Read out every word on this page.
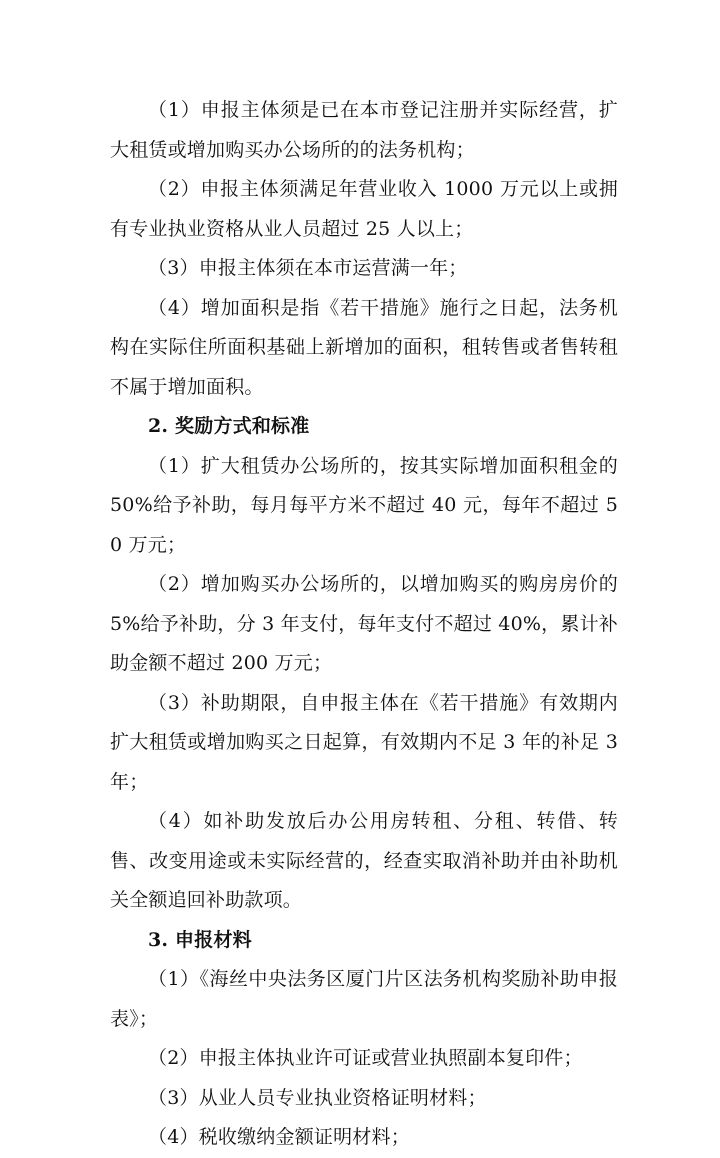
（1）申报主体须是已在本市登记注册并实际经营，扩大租赁或增加购买办公场所的的法务机构；

（2）申报主体须满足年营业收入 1000 万元以上或拥有专业执业资格从业人员超过 25 人以上；

（3）申报主体须在本市运营满一年；

（4）增加面积是指《若干措施》施行之日起，法务机构在实际住所面积基础上新增加的面积，租转售或者售转租不属于增加面积。

2. 奖励方式和标准

（1）扩大租赁办公场所的，按其实际增加面积租金的 50%给予补助，每月每平方米不超过 40 元，每年不超过 50 万元；

（2）增加购买办公场所的，以增加购买的购房房价的 5%给予补助，分 3 年支付，每年支付不超过 40%，累计补助金额不超过 200 万元；

（3）补助期限，自申报主体在《若干措施》有效期内扩大租赁或增加购买之日起算，有效期内不足 3 年的补足 3 年；

（4）如补助发放后办公用房转租、分租、转借、转售、改变用途或未实际经营的，经查实取消补助并由补助机关全额追回补助款项。

3. 申报材料

（1）《海丝中央法务区厦门片区法务机构奖励补助申报表》；

（2）申报主体执业许可证或营业执照副本复印件；

（3）从业人员专业执业资格证明材料；

（4）税收缴纳金额证明材料；
